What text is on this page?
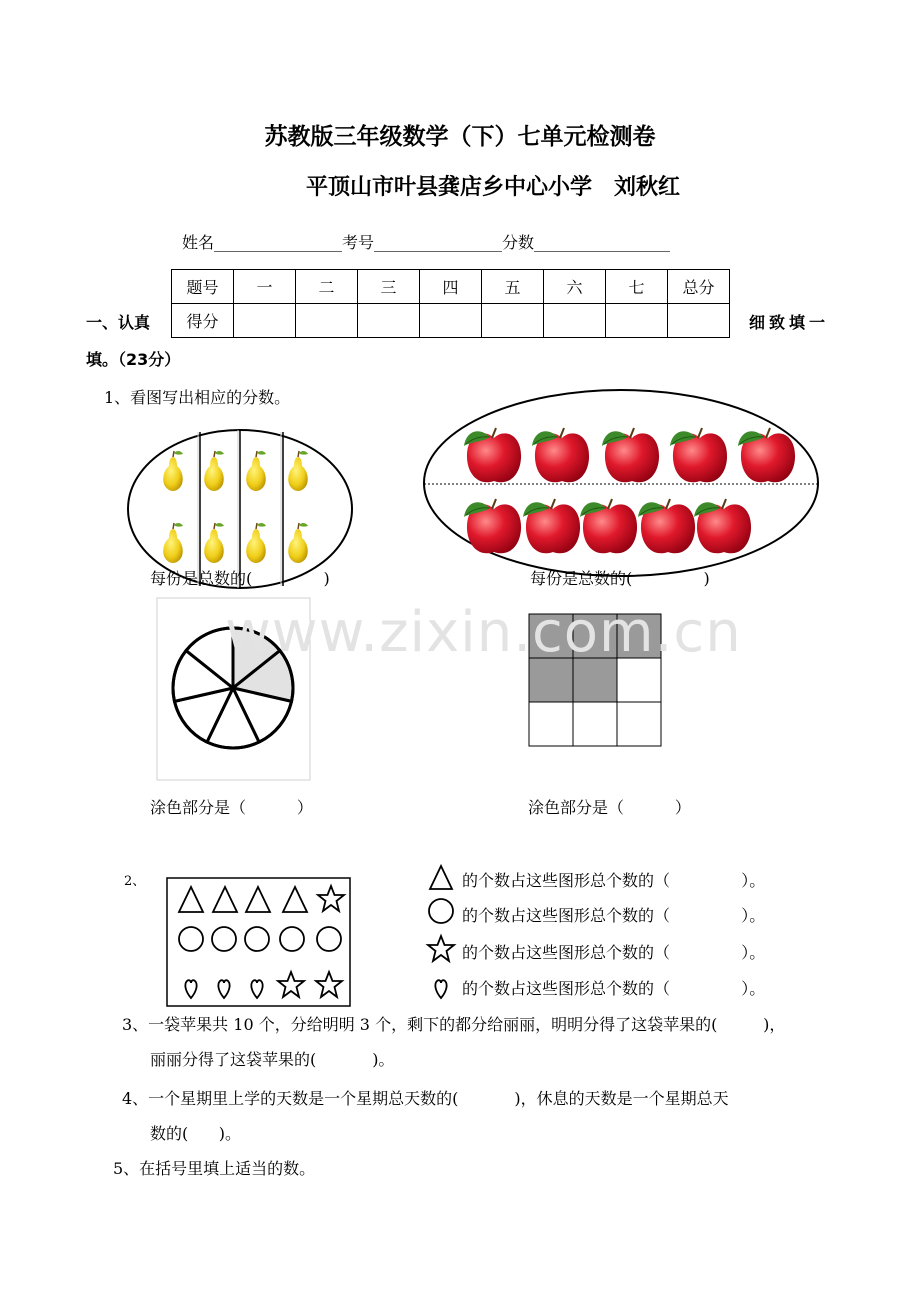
www.zixin.com.cn
苏教版三年级数学（下）七单元检测卷
平顶山市叶县龚店乡中心小学　刘秋红
姓名________________考号________________分数_________________
题号	一	二	三	四	五	六	七	总分
得分								
一、认真	细致填一
填。（23分）
1、看图写出相应的分数。
每份是总数的(              )	每份是总数的(              )
涂色部分是（          ）	涂色部分是（          ）
2、	的个数占这些图形总个数的（              ）。
的个数占这些图形总个数的（              ）。
的个数占这些图形总个数的（              ）。
的个数占这些图形总个数的（              ）。
3、一袋苹果共 10 个，分给明明 3 个，剩下的都分给丽丽，明明分得了这袋苹果的(         )，
丽丽分得了这袋苹果的(           )。
4、一个星期里上学的天数是一个星期总天数的(           )，休息的天数是一个星期总天
数的(      )。
5、在括号里填上适当的数。
